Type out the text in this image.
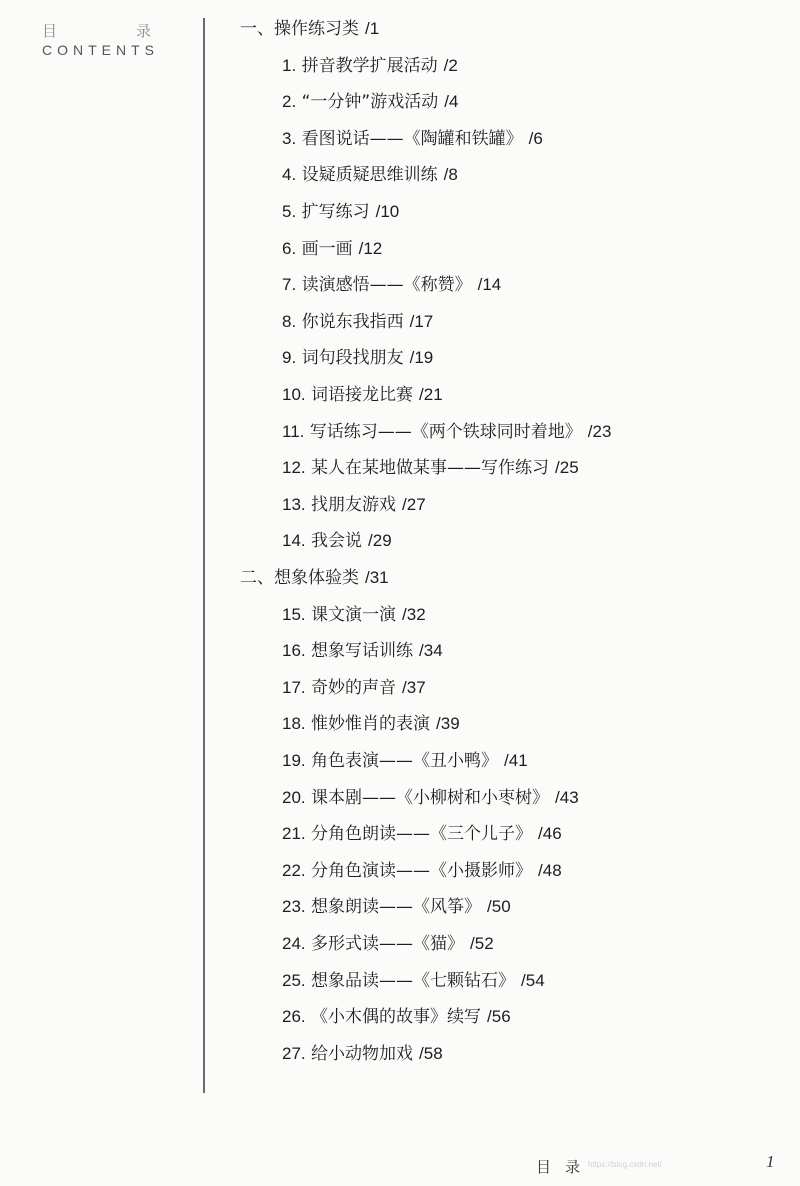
目	录
CONTENTS
一、操作练习类 /1
1. 拼音教学扩展活动 /2
2. “一分钟”游戏活动 /4
3. 看图说话——《陶罐和铁罐》 /6
4. 设疑质疑思维训练 /8
5. 扩写练习 /10
6. 画一画 /12
7. 读演感悟——《称赞》 /14
8. 你说东我指西 /17
9. 词句段找朋友 /19
10. 词语接龙比赛 /21
11. 写话练习——《两个铁球同时着地》 /23
12. 某人在某地做某事——写作练习 /25
13. 找朋友游戏 /27
14. 我会说 /29
二、想象体验类 /31
15. 课文演一演 /32
16. 想象写话训练 /34
17. 奇妙的声音 /37
18. 惟妙惟肖的表演 /39
19. 角色表演——《丑小鸭》 /41
20. 课本剧——《小柳树和小枣树》 /43
21. 分角色朗读——《三个儿子》 /46
22. 分角色演读——《小摄影师》 /48
23. 想象朗读——《风筝》 /50
24. 多形式读——《猫》 /52
25. 想象品读——《七颗钻石》 /54
26. 《小木偶的故事》续写 /56
27. 给小动物加戏 /58
目 录 https://blog.csdn.net/	1
